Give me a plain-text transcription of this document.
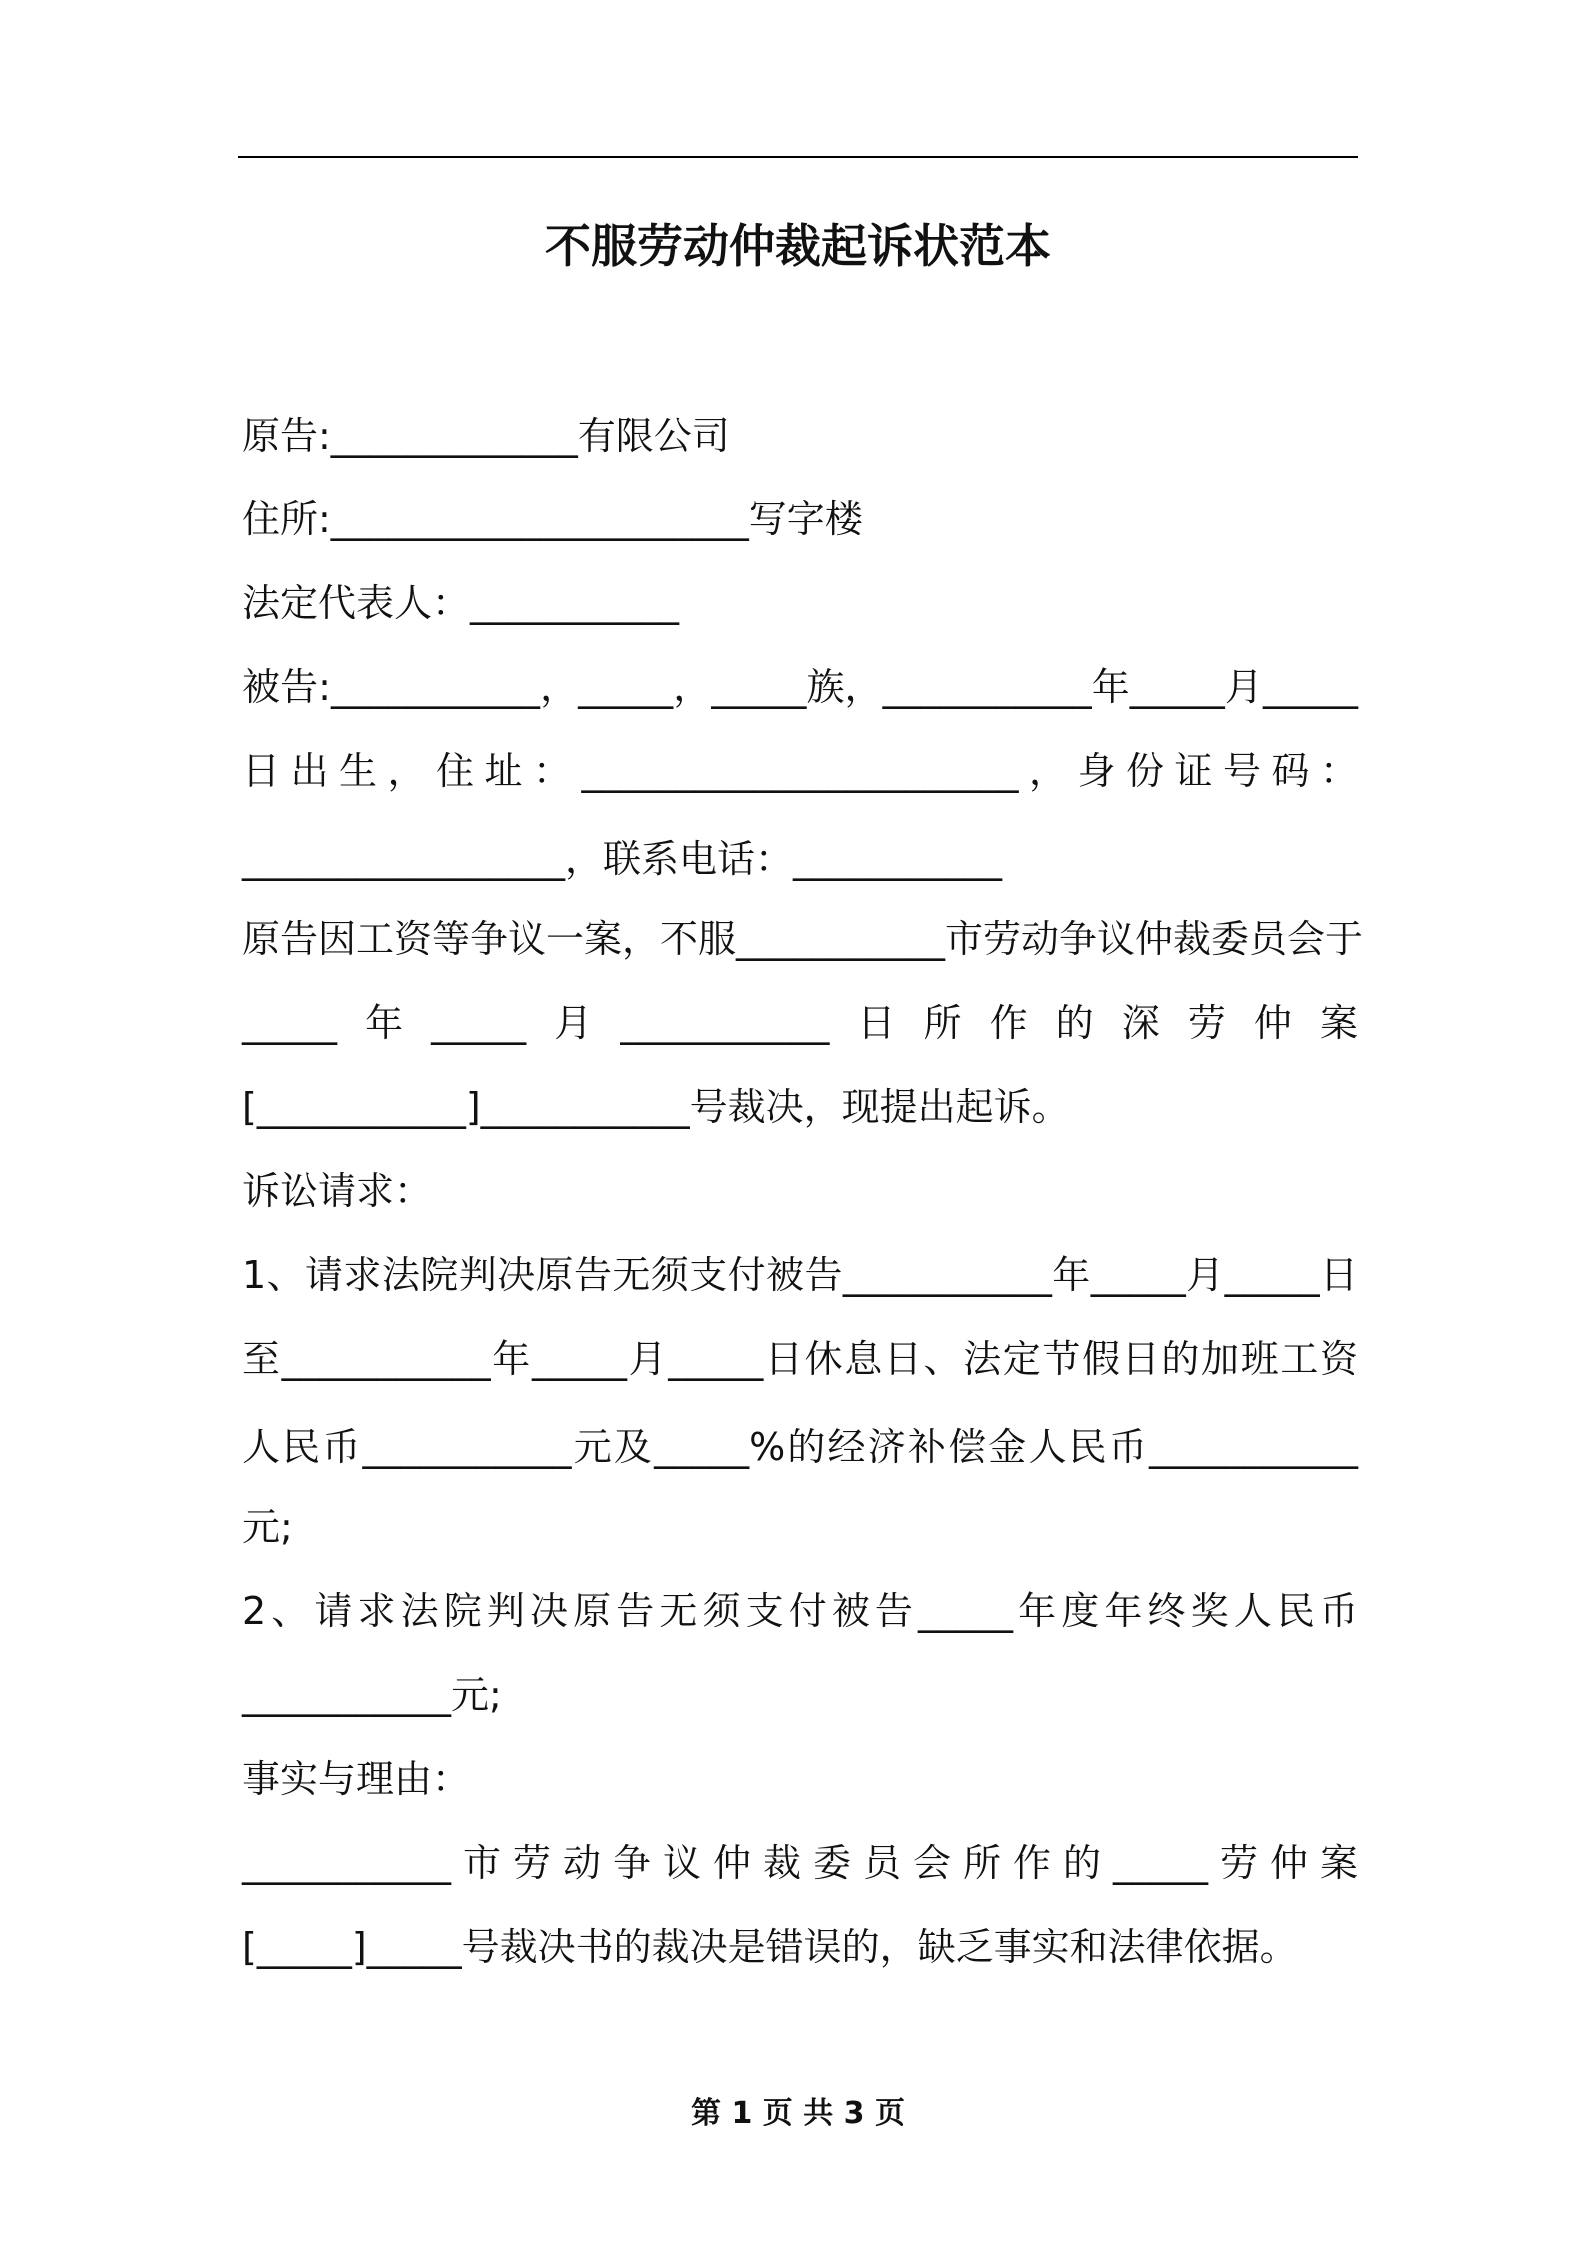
不服劳动仲裁起诉状范本
原告:_____________有限公司
住所:______________________写字楼
法定代表人：___________
被告:___________，_____，_____族，___________年_____月_____
日出生，住址：_______________________，身份证号码：
_________________，联系电话：___________
原告因工资等争议一案，不服___________市劳动争议仲裁委员会于
_____年_____月___________日所作的深劳仲案
[___________]___________号裁决，现提出起诉。
诉讼请求：
1、请求法院判决原告无须支付被告___________年_____月_____日
至___________年_____月_____日休息日、法定节假日的加班工资
人民币___________元及_____%的经济补偿金人民币___________
元;
2、请求法院判决原告无须支付被告_____年度年终奖人民币
___________元;
事实与理由：
___________市劳动争议仲裁委员会所作的_____劳仲案
[_____]_____号裁决书的裁决是错误的，缺乏事实和法律依据。
第 1 页 共 3 页
